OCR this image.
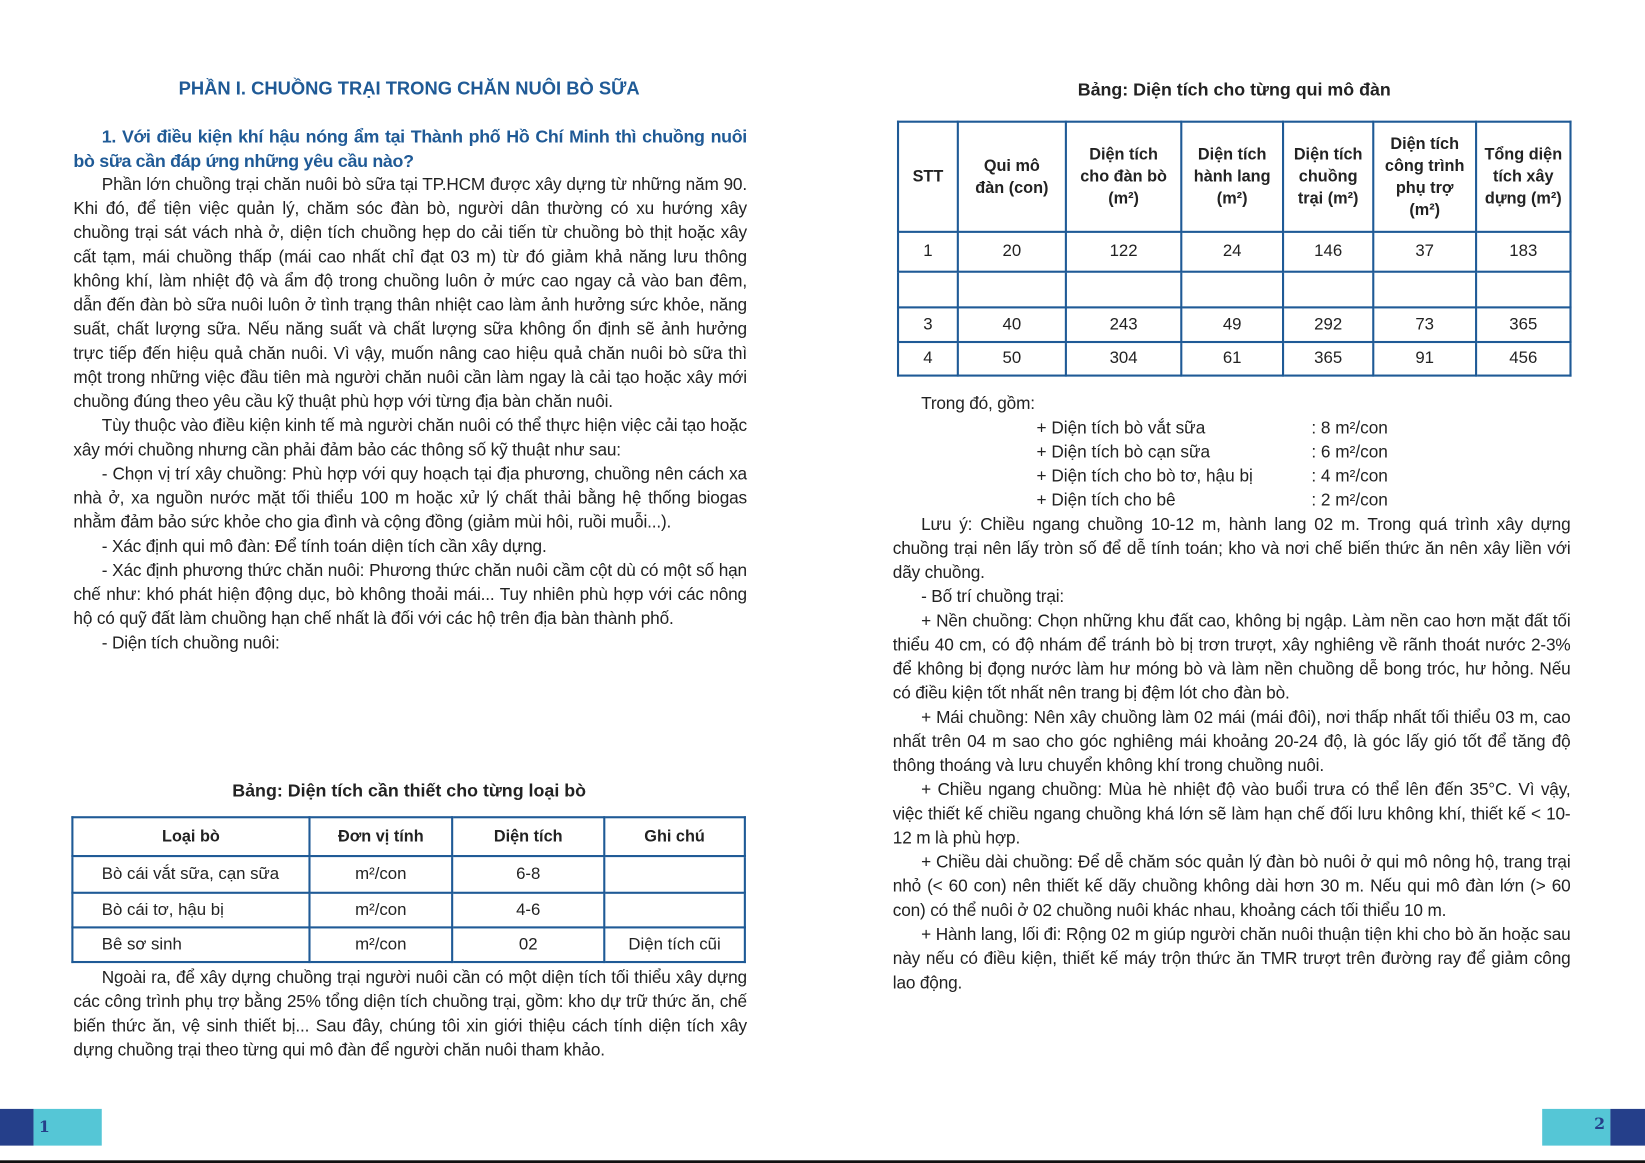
PHẦN I. CHUỒNG TRẠI TRONG CHĂN NUÔI BÒ SỮA

1. Với điều kiện khí hậu nóng ẩm tại Thành phố Hồ Chí Minh thì chuồng nuôi bò sữa cần đáp ứng những yêu cầu nào?

Phần lớn chuồng trại chăn nuôi bò sữa tại TP.HCM được xây dựng từ những năm 90. Khi đó, để tiện việc quản lý, chăm sóc đàn bò, người dân thường có xu hướng xây chuồng trại sát vách nhà ở, diện tích chuồng hẹp do cải tiến từ chuồng bò thịt hoặc xây cất tạm, mái chuồng thấp (mái cao nhất chỉ đạt 03 m) từ đó giảm khả năng lưu thông không khí, làm nhiệt độ và ẩm độ trong chuồng luôn ở mức cao ngay cả vào ban đêm, dẫn đến đàn bò sữa nuôi luôn ở tình trạng thân nhiệt cao làm ảnh hưởng sức khỏe, năng suất, chất lượng sữa. Nếu năng suất và chất lượng sữa không ổn định sẽ ảnh hưởng trực tiếp đến hiệu quả chăn nuôi. Vì vậy, muốn nâng cao hiệu quả chăn nuôi bò sữa thì một trong những việc đầu tiên mà người chăn nuôi cần làm ngay là cải tạo hoặc xây mới chuồng đúng theo yêu cầu kỹ thuật phù hợp với từng địa bàn chăn nuôi.

Tùy thuộc vào điều kiện kinh tế mà người chăn nuôi có thể thực hiện việc cải tạo hoặc xây mới chuồng nhưng cần phải đảm bảo các thông số kỹ thuật như sau:

- Chọn vị trí xây chuồng: Phù hợp với quy hoạch tại địa phương, chuồng nên cách xa nhà ở, xa nguồn nước mặt tối thiểu 100 m hoặc xử lý chất thải bằng hệ thống biogas nhằm đảm bảo sức khỏe cho gia đình và cộng đồng (giảm mùi hôi, ruồi muỗi...).

- Xác định qui mô đàn: Để tính toán diện tích cần xây dựng.

- Xác định phương thức chăn nuôi: Phương thức chăn nuôi cầm cột dù có một số hạn chế như: khó phát hiện động dục, bò không thoải mái... Tuy nhiên phù hợp với các nông hộ có quỹ đất làm chuồng hạn chế nhất là đối với các hộ trên địa bàn thành phố.

- Diện tích chuồng nuôi:

Bảng: Diện tích cần thiết cho từng loại bò
Loại bò	Đơn vị tính	Diện tích	Ghi chú
Bò cái vắt sữa, cạn sữa	m²/con	6-8	
Bò cái tơ, hậu bị	m²/con	4-6	
Bê sơ sinh	m²/con	02	Diện tích cũi

Ngoài ra, để xây dựng chuồng trại người nuôi cần có một diện tích tối thiểu xây dựng các công trình phụ trợ bằng 25% tổng diện tích chuồng trại, gồm: kho dự trữ thức ăn, chế biến thức ăn, vệ sinh thiết bị... Sau đây, chúng tôi xin giới thiệu cách tính diện tích xây dựng chuồng trại theo từng qui mô đàn để người chăn nuôi tham khảo.

1
Bảng: Diện tích cho từng qui mô đàn
STT	Qui mô đàn (con)	Diện tích cho đàn bò (m²)	Diện tích hành lang (m²)	Diện tích chuồng trại (m²)	Diện tích công trình phụ trợ (m²)	Tổng diện tích xây dựng (m²)
1	20	122	24	146	37	183

3	40	243	49	292	73	365
4	50	304	61	365	91	456
Trong đó, gồm:
+ Diện tích bò vắt sữa	: 8 m²/con
+ Diện tích bò cạn sữa	: 6 m²/con
+ Diện tích cho bò tơ, hậu bị	: 4 m²/con
+ Diện tích cho bê	: 2 m²/con

Lưu ý: Chiều ngang chuồng 10-12 m, hành lang 02 m. Trong quá trình xây dựng chuồng trại nên lấy tròn số để dễ tính toán; kho và nơi chế biến thức ăn nên xây liền với dãy chuồng.

- Bố trí chuồng trại:

+ Nền chuồng: Chọn những khu đất cao, không bị ngập. Làm nền cao hơn mặt đất tối thiểu 40 cm, có độ nhám để tránh bò bị trơn trượt, xây nghiêng về rãnh thoát nước 2-3% để không bị đọng nước làm hư móng bò và làm nền chuồng dễ bong tróc, hư hỏng. Nếu có điều kiện tốt nhất nên trang bị đệm lót cho đàn bò.

+ Mái chuồng: Nên xây chuồng làm 02 mái (mái đôi), nơi thấp nhất tối thiểu 03 m, cao nhất trên 04 m sao cho góc nghiêng mái khoảng 20-24 độ, là góc lấy gió tốt để tăng độ thông thoáng và lưu chuyển không khí trong chuồng nuôi.

+ Chiều ngang chuồng: Mùa hè nhiệt độ vào buổi trưa có thể lên đến 35°C. Vì vậy, việc thiết kế chiều ngang chuồng khá lớn sẽ làm hạn chế đối lưu không khí, thiết kế < 10-12 m là phù hợp.

+ Chiều dài chuồng: Để dễ chăm sóc quản lý đàn bò nuôi ở qui mô nông hộ, trang trại nhỏ (< 60 con) nên thiết kế dãy chuồng không dài hơn 30 m. Nếu qui mô đàn lớn (> 60 con) có thể nuôi ở 02 chuồng nuôi khác nhau, khoảng cách tối thiểu 10 m.

+ Hành lang, lối đi: Rộng 02 m giúp người chăn nuôi thuận tiện khi cho bò ăn hoặc sau này nếu có điều kiện, thiết kế máy trộn thức ăn TMR trượt trên đường ray để giảm công lao động.

2
